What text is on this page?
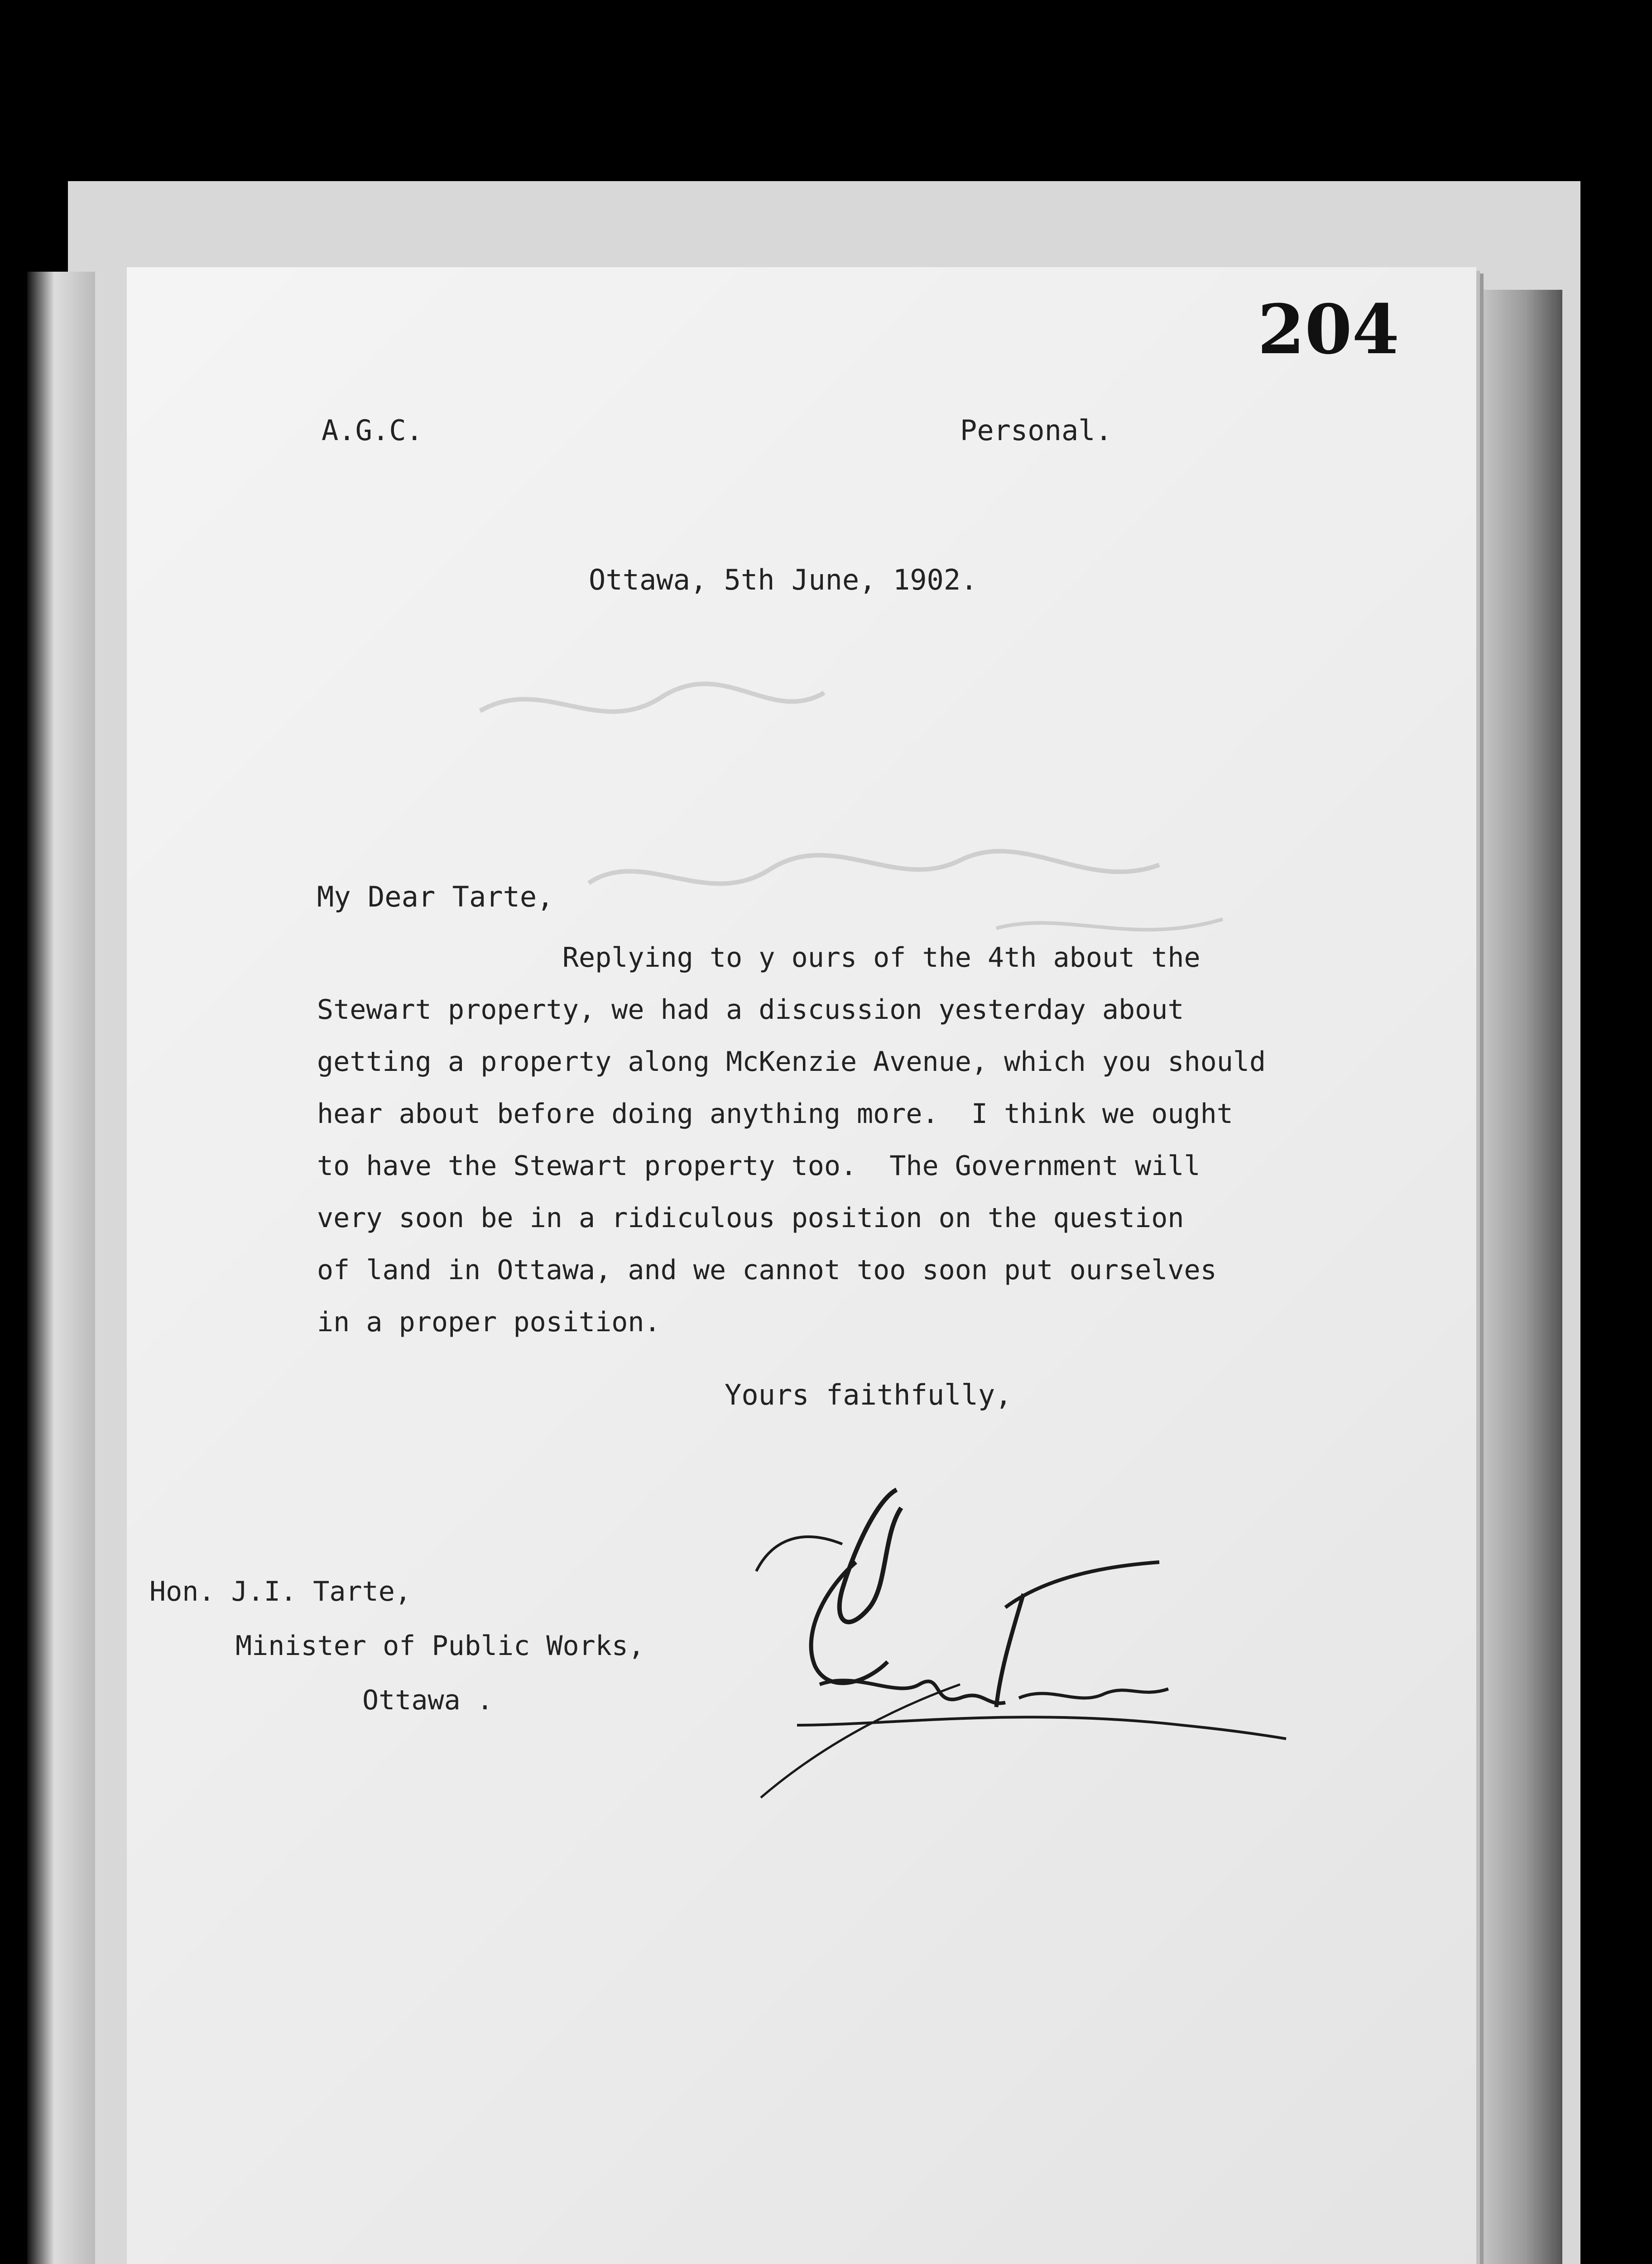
204
A.G.C.	Personal.
Ottawa, 5th June, 1902.
My Dear Tarte,
Replying to y ours of the 4th about the
Stewart property, we had a discussion yesterday about
getting a property along McKenzie Avenue, which you should
hear about before doing anything more.  I think we ought
to have the Stewart property too.  The Government will
very soon be in a ridiculous position on the question
of land in Ottawa, and we cannot too soon put ourselves
in a proper position.
Yours faithfully,
Hon. J.I. Tarte,
Minister of Public Works,
Ottawa .
